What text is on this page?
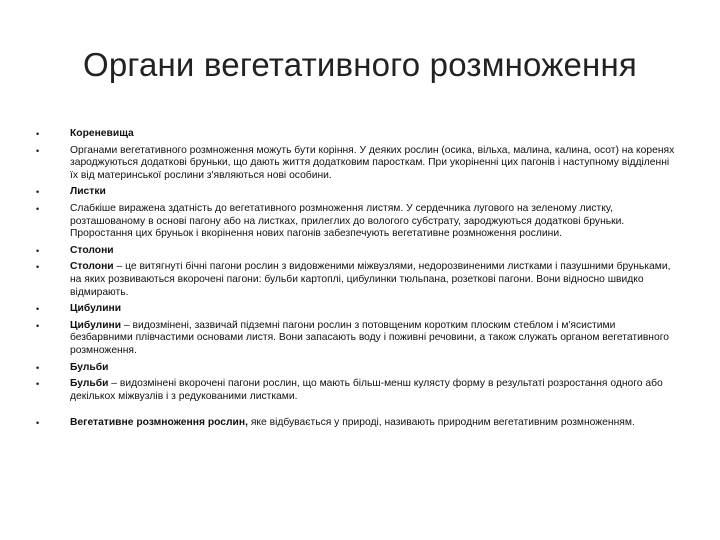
Органи вегетативного розмноження
•	Кореневища
•	Органами вегетативного розмноження можуть бути коріння. У деяких рослин (осика, вільха, малина, калина, осот) на коренях зароджуються додаткові бруньки, що дають життя додатковим паросткам. При укоріненні цих пагонів і наступному відділенні їх від материнської рослини з'являються нові особини.
•	Листки
•	Слабкіше виражена здатність до вегетативного розмноження листям. У сердечника лугового на зеленому листку, розташованому в основі пагону або на листках, прилеглих до вологого субстрату, зароджуються додаткові бруньки. Проростання цих бруньок і вкорінення нових пагонів забезпечують вегетативне розмноження рослини.
•	Столони
•	Столони – це витягнуті бічні пагони рослин з видовженими міжвузлями, недорозвиненими листками і пазушними бруньками, на яких розвиваються вкорочені пагони: бульби картоплі, цибулинки тюльпана, розеткові пагони. Вони відносно швидко відмирають.
•	Цибулини
•	Цибулини – видозмінені, зазвичай підземні пагони рослин з потовщеним коротким плоским стеблом і м'ясистими безбарвними плівчастими основами листя. Вони запасають воду і поживні речовини, а також служать органом вегетативного розмноження.
•	Бульби
•	Бульби – видозмінені вкорочені пагони рослин, що мають більш-менш кулясту форму в результаті розростання одного або декількох міжвузлів і з редукованими листками.
•	Вегетативне розмноження рослин, яке відбувається у природі, називають природним вегетативним розмноженням.
